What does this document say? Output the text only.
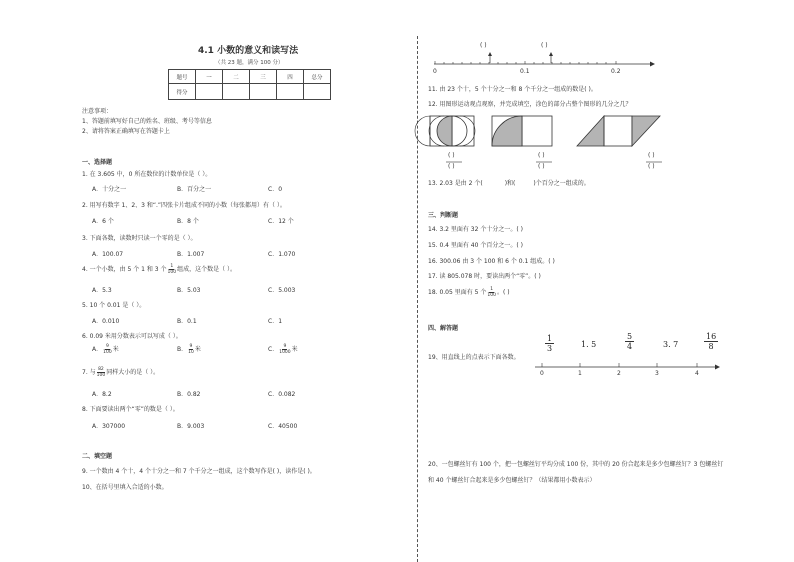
4.1 小数的意义和读写法
（共 23 题，满分 100 分）
题号	一	二	三	四	总分
得分					
注意事项：
1、答题前填写好自己的姓名、班级、考号等信息
2、请将答案正确填写在答题卡上
一、选择题
1. 在 3.605 中，0 所在数位的计数单位是（ ）。
A．十分之一	B．百分之一	C．0
2. 用写有数字 1、2、3 和“.”四张卡片组成不同的小数（每张都用）有（ ）。
A．6 个	B．8 个	C．12 个
3. 下面各数，读数时只读一个零的是（ ）。
A．100.07	B．1.007	C．1.070
4. 一个小数，由 5 个 1 和 3 个 $\frac{1}{100}$ 组成，这个数是（ ）。
A．5.3	B．5.03	C．5.003
5. 10 个 0.01 是（ ）。
A．0.010	B．0.1	C．1
6. 0.09 米用分数表示可以写成（ ）。
A． $\frac{9}{100}$ 米	B． $\frac{9}{10}$ 米	C． $\frac{9}{1000}$ 米
7. 与 $\frac{82}{100}$ 同样大小的是（ ）。
A．8.2	B．0.82	C．0.082
8. 下面要读出两个“零”的数是（ ）。
A．307000	B．9.003	C．40500
二、填空题
9. 一个数由 4 个十，4 个十分之一和 7 个千分之一组成，这个数写作是( )，读作是( )。
10、在括号里填入合适的小数。
( )	( )
0	0.1	0.2
11. 由 23 个十，5 个十分之一和 8 个千分之一组成的数是( )。
12. 用图形运动观点观察，并完成填空，涂色的部分占整个图形的几分之几？
( )
( )
( )
( )
( )
( )
13. 2.03 是由 2 个(	)和(	)个百分之一组成的。
三、判断题
14. 3.2 里面有 32 个十分之一。( )
15. 0.4 里面有 40 个百分之一。( )
16. 300.06 由 3 个 100 和 6 个 0.1 组成。( )
17. 读 805.078 时，要读出两个“零”。( )
18. 0.05 里面有 5 个 $\frac{1}{100}$ 。( )
四、解答题
$\frac{1}{3}$	1. 5	$\frac{5}{4}$	3. 7	$\frac{16}{8}$
19、用直线上的点表示下面各数。
0	1	2	3	4
20、一包螺丝钉有 100 个，把一包螺丝钉平均分成 100 份，其中的 20 份合起来是多少包螺丝钉？3 包螺丝钉
和 40 个螺丝钉合起来是多少包螺丝钉？（结果都用小数表示）
